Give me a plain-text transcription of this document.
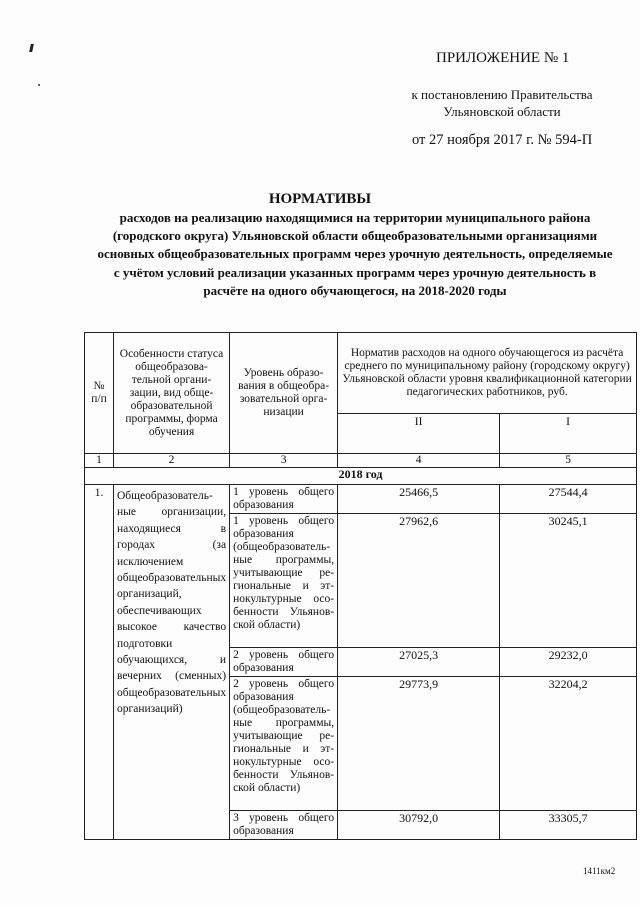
ПРИЛОЖЕНИЕ № 1
к постановлению Правительства
Ульяновской области
от 27 ноября 2017 г. № 594-П
НОРМАТИВЫ
расходов на реализацию находящимися на территории муниципального района (городского округа) Ульяновской области общеобразовательными организациями основных общеобразовательных программ через урочную деятельность, определяемые с учётом условий реализации указанных программ через урочную деятельность в расчёте на одного обучающегося, на 2018-2020 годы
№ п/п	Особенности статуса общеобразова-тельной органи-зации, вид обще-образовательной программы, форма обучения	Уровень образо-вания в общеобра-зовательной орга-низации	Норматив расходов на одного обучающегося из расчёта среднего по муниципальному району (городскому округу) Ульяновской области уровня квалификационной категории педагогических работников, руб.	
			II	I
1	2	3	4	5
2018 год				
1.	Общеобразователь-ные организации, находящиеся в городах (за исключением общеобразовательных организаций, обеспечивающих высокое качество подготовки обучающихся, и вечерних (сменных) общеобразовательных организаций)	1 уровень общего образования	25466,5	27544,4
		1 уровень общего образования (общеобразователь-ные программы, учитывающие ре-гиональные и эт-нокультурные осо-бенности Ульянов-ской области)	27962,6	30245,1
		2 уровень общего образования	27025,3	29232,0
		2 уровень общего образования (общеобразователь-ные программы, учитывающие ре-гиональные и эт-нокультурные осо-бенности Ульянов-ской области)	29773,9	32204,2
		3 уровень общего образования	30792,0	33305,7
1411км2
